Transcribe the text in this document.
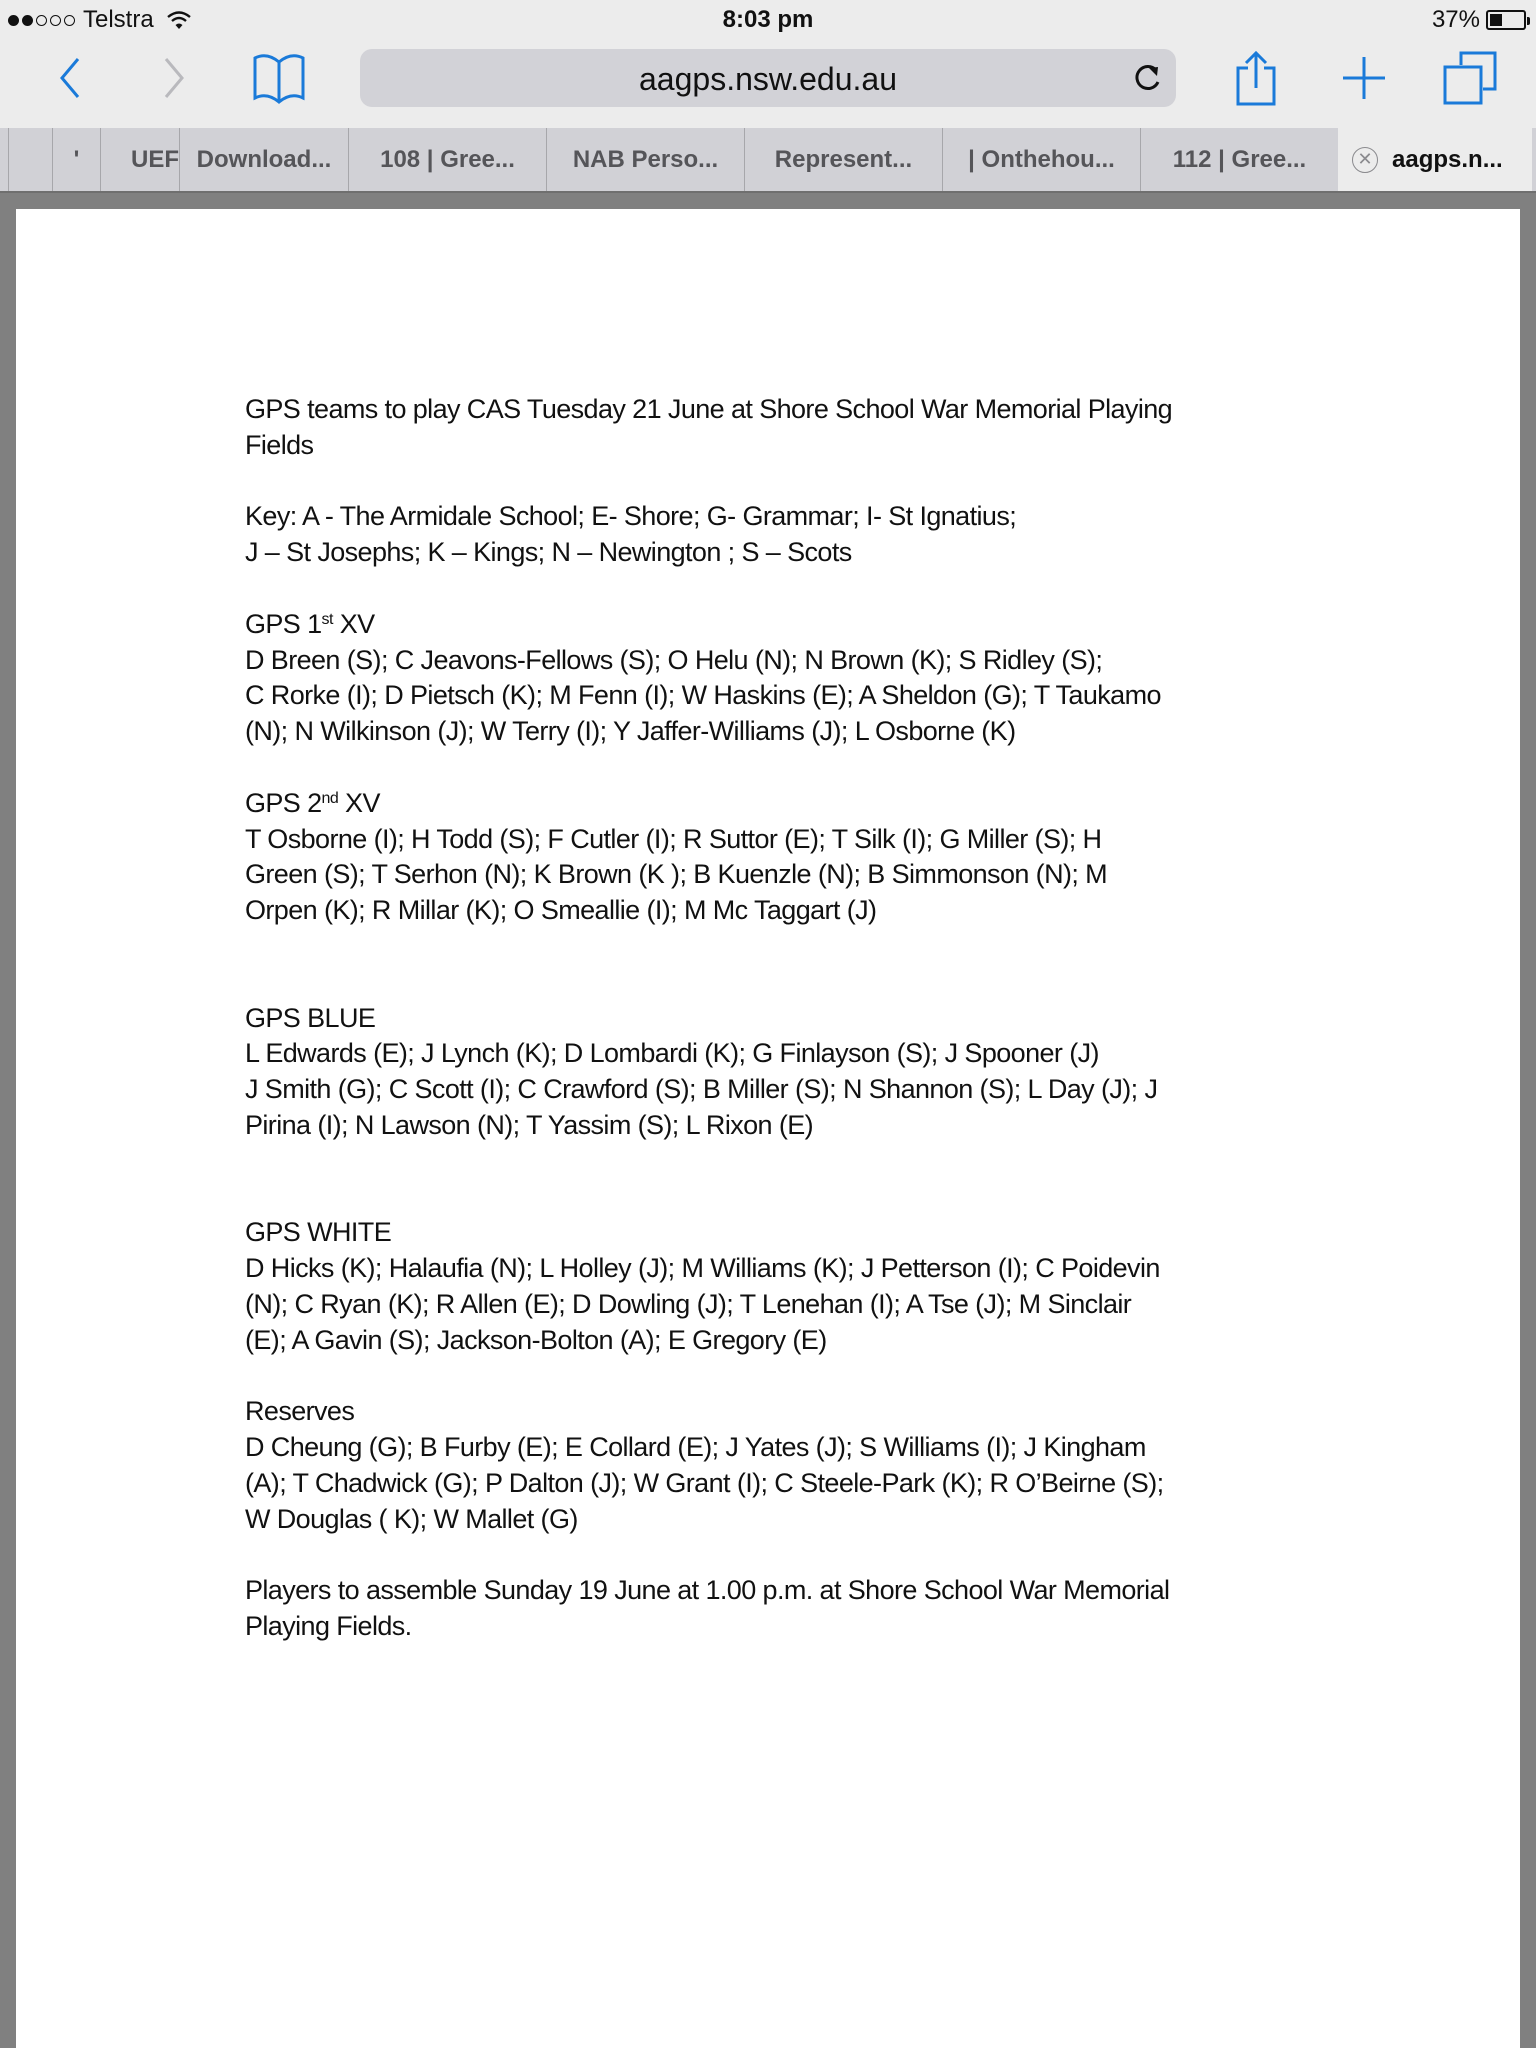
Telstra	8:03 pm	37%
aagps.nsw.edu.au
'	UEF Download...	108 | Gree...	NAB Perso...	Represent...	| Onthehou...	112 | Gree...	✕ aagps.n...

GPS teams to play CAS Tuesday 21 June at Shore School War Memorial Playing

Fields

Key: A - The Armidale School; E- Shore; G- Grammar; I- St Ignatius;

J – St Josephs; K – Kings; N – Newington ; S – Scots

GPS 1st XV

D Breen (S); C Jeavons-Fellows (S); O Helu (N); N Brown (K); S Ridley (S);

C Rorke (I); D Pietsch (K); M Fenn (I); W Haskins (E); A Sheldon (G); T Taukamo

(N); N Wilkinson (J); W Terry (I); Y Jaffer-Williams (J); L Osborne (K)

GPS 2nd XV

T Osborne (I); H Todd (S); F Cutler (I); R Suttor (E); T Silk (I); G Miller (S); H

Green (S); T Serhon (N); K Brown (K ); B Kuenzle (N); B Simmonson (N); M

Orpen (K); R Millar (K); O Smeallie (I); M Mc Taggart (J)

GPS BLUE

L Edwards (E); J Lynch (K); D Lombardi (K); G Finlayson (S); J Spooner (J)

J Smith (G); C Scott (I); C Crawford (S); B Miller (S); N Shannon (S); L Day (J); J

Pirina (I); N Lawson (N); T Yassim (S); L Rixon (E)

GPS WHITE

D Hicks (K); Halaufia (N); L Holley (J); M Williams (K); J Petterson (I); C Poidevin

(N); C Ryan (K); R Allen (E); D Dowling (J); T Lenehan (I); A Tse (J); M Sinclair

(E); A Gavin (S); Jackson-Bolton (A); E Gregory (E)

Reserves

D Cheung (G); B Furby (E); E Collard (E); J Yates (J); S Williams (I); J Kingham

(A); T Chadwick (G); P Dalton (J); W Grant (I); C Steele-Park (K); R O’Beirne (S);

W Douglas ( K); W Mallet (G)

Players to assemble Sunday 19 June at 1.00 p.m. at Shore School War Memorial

Playing Fields.
